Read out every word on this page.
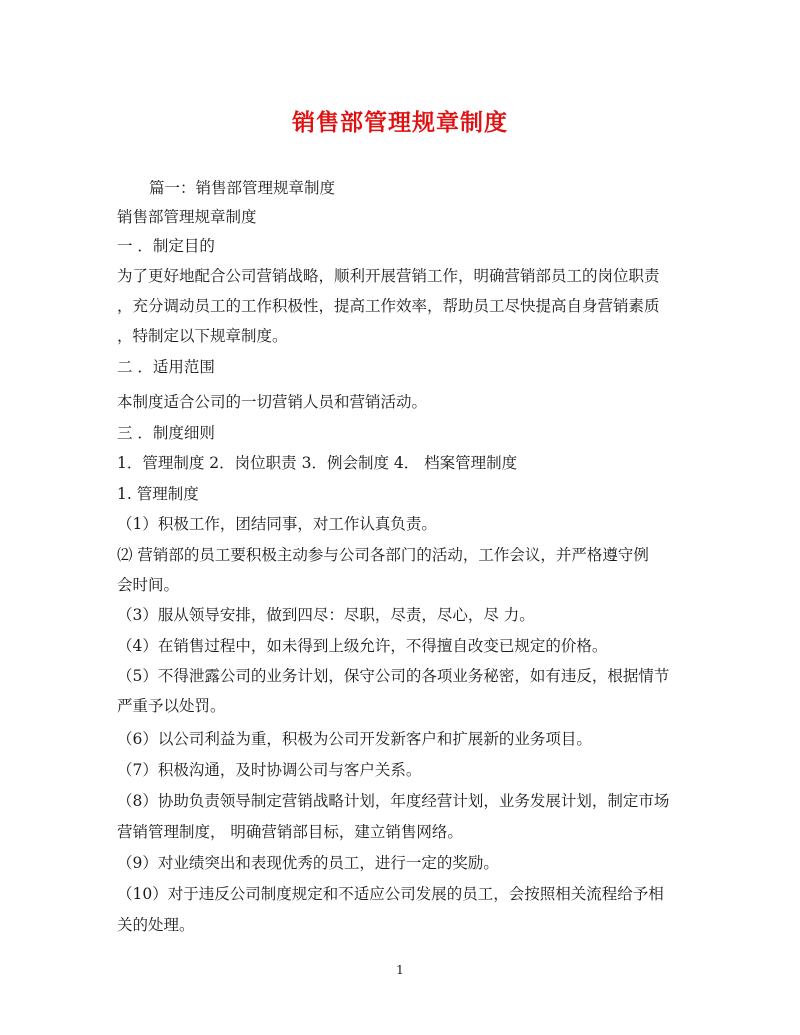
销售部管理规章制度
篇一：销售部管理规章制度
销售部管理规章制度
一 ．制定目的
为了更好地配合公司营销战略，顺利开展营销工作，明确营销部员工的岗位职责
，充分调动员工的工作积极性，提高工作效率，帮助员工尽快提高自身营销素质
，特制定以下规章制度。
二 ．适用范围
本制度适合公司的一切营销人员和营销活动。
三 ．制度细则
1．管理制度 2．岗位职责 3．例会制度 4． 档案管理制度
1. 管理制度
（1）积极工作，团结同事，对工作认真负责。
⑵ 营销部的员工要积极主动参与公司各部门的活动，工作会议，并严格遵守例
会时间。
（3）服从领导安排，做到四尽：尽职，尽责，尽心，尽 力。
（4）在销售过程中，如未得到上级允许，不得擅自改变已规定的价格。
（5）不得泄露公司的业务计划，保守公司的各项业务秘密，如有违反，根据情节
严重予以处罚。
（6）以公司利益为重，积极为公司开发新客户和扩展新的业务项目。
（7）积极沟通，及时协调公司与客户关系。
（8）协助负责领导制定营销战略计划，年度经营计划，业务发展计划，制定市场
营销管理制度， 明确营销部目标，建立销售网络。
（9）对业绩突出和表现优秀的员工，进行一定的奖励。
（10）对于违反公司制度规定和不适应公司发展的员工，会按照相关流程给予相
关的处理。
1
